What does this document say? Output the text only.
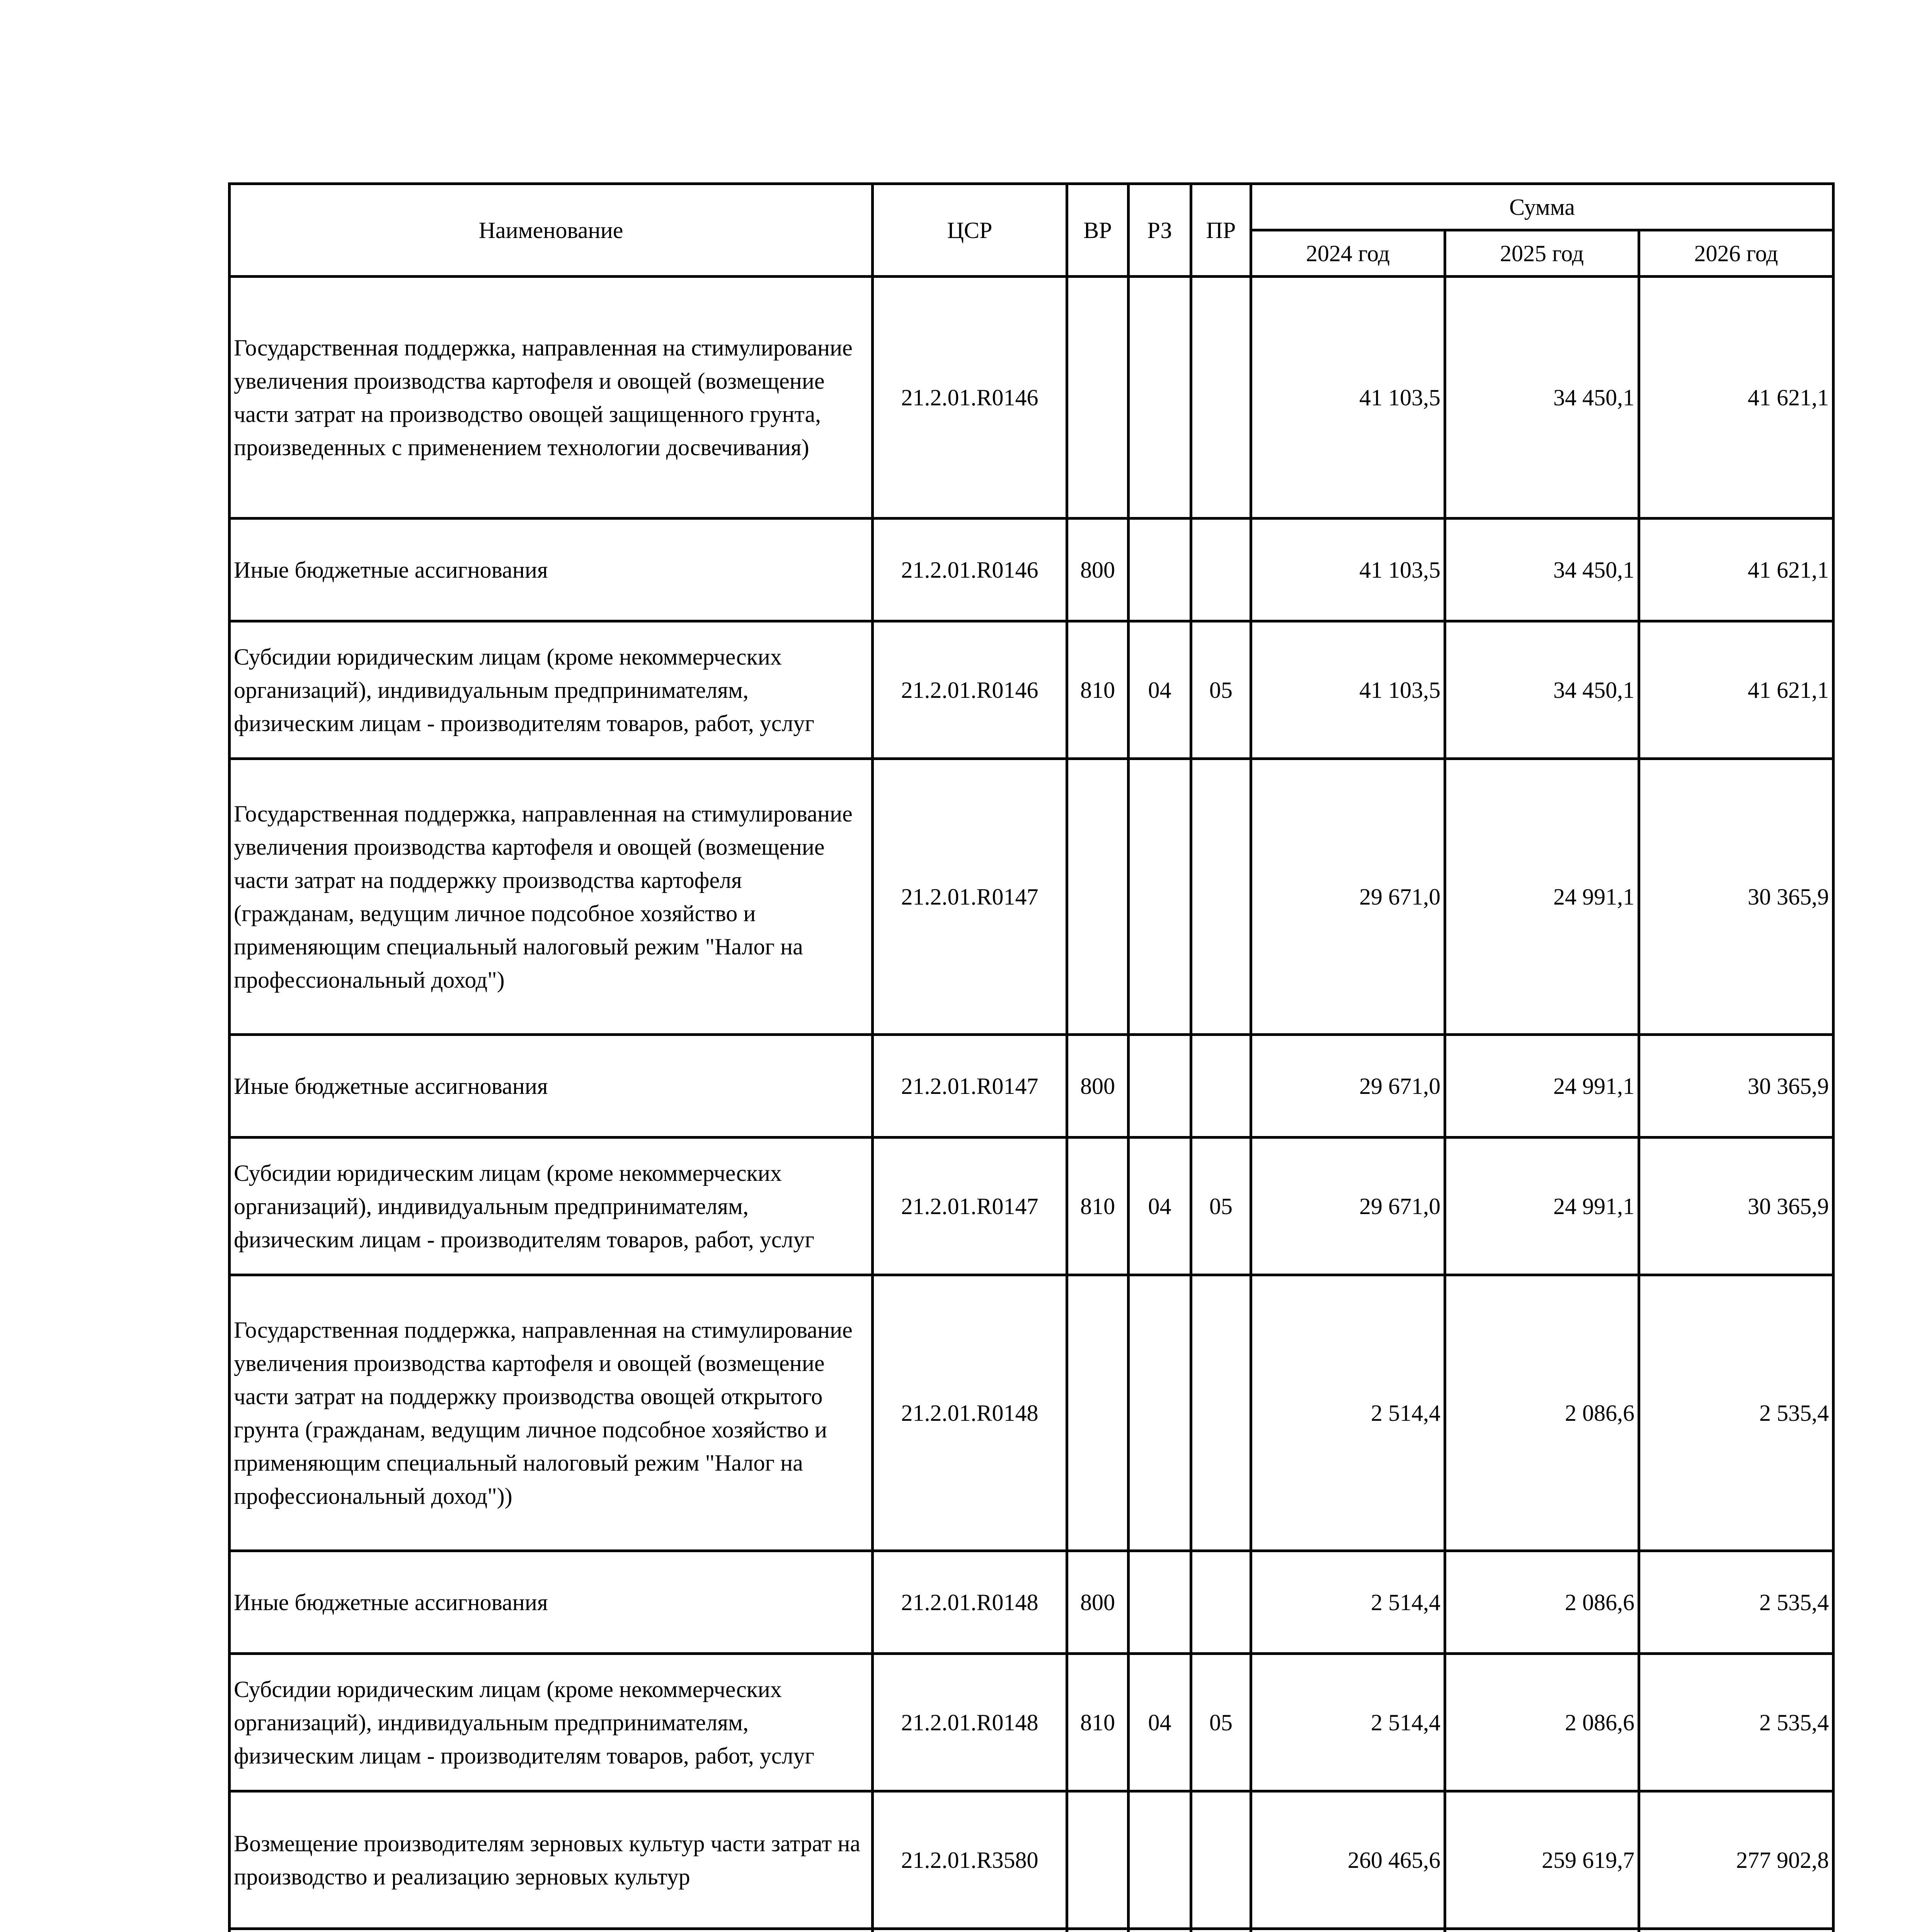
Наименование	ЦСР	ВР	РЗ	ПР	Сумма		
					2024 год	2025 год	2026 год
Государственная поддержка, направленная на стимулирование увеличения производства картофеля и овощей (возмещение части затрат на производство овощей защищенного грунта, произведенных с применением технологии досвечивания)	21.2.01.R0146				41 103,5	34 450,1	41 621,1
Иные бюджетные ассигнования	21.2.01.R0146	800			41 103,5	34 450,1	41 621,1
Субсидии юридическим лицам (кроме некоммерческих организаций), индивидуальным предпринимателям, физическим лицам - производителям товаров, работ, услуг	21.2.01.R0146	810	04	05	41 103,5	34 450,1	41 621,1
Государственная поддержка, направленная на стимулирование увеличения производства картофеля и овощей (возмещение части затрат на поддержку производства картофеля (гражданам, ведущим личное подсобное хозяйство и применяющим специальный налоговый режим "Налог на профессиональный доход")	21.2.01.R0147				29 671,0	24 991,1	30 365,9
Иные бюджетные ассигнования	21.2.01.R0147	800			29 671,0	24 991,1	30 365,9
Субсидии юридическим лицам (кроме некоммерческих организаций), индивидуальным предпринимателям, физическим лицам - производителям товаров, работ, услуг	21.2.01.R0147	810	04	05	29 671,0	24 991,1	30 365,9
Государственная поддержка, направленная на стимулирование увеличения производства картофеля и овощей (возмещение части затрат на поддержку производства овощей открытого грунта (гражданам, ведущим личное подсобное хозяйство и применяющим специальный налоговый режим "Налог на профессиональный доход"))	21.2.01.R0148				2 514,4	2 086,6	2 535,4
Иные бюджетные ассигнования	21.2.01.R0148	800			2 514,4	2 086,6	2 535,4
Субсидии юридическим лицам (кроме некоммерческих организаций), индивидуальным предпринимателям, физическим лицам - производителям товаров, работ, услуг	21.2.01.R0148	810	04	05	2 514,4	2 086,6	2 535,4
Возмещение производителям зерновых культур части затрат на производство и реализацию зерновых культур	21.2.01.R3580				260 465,6	259 619,7	277 902,8
